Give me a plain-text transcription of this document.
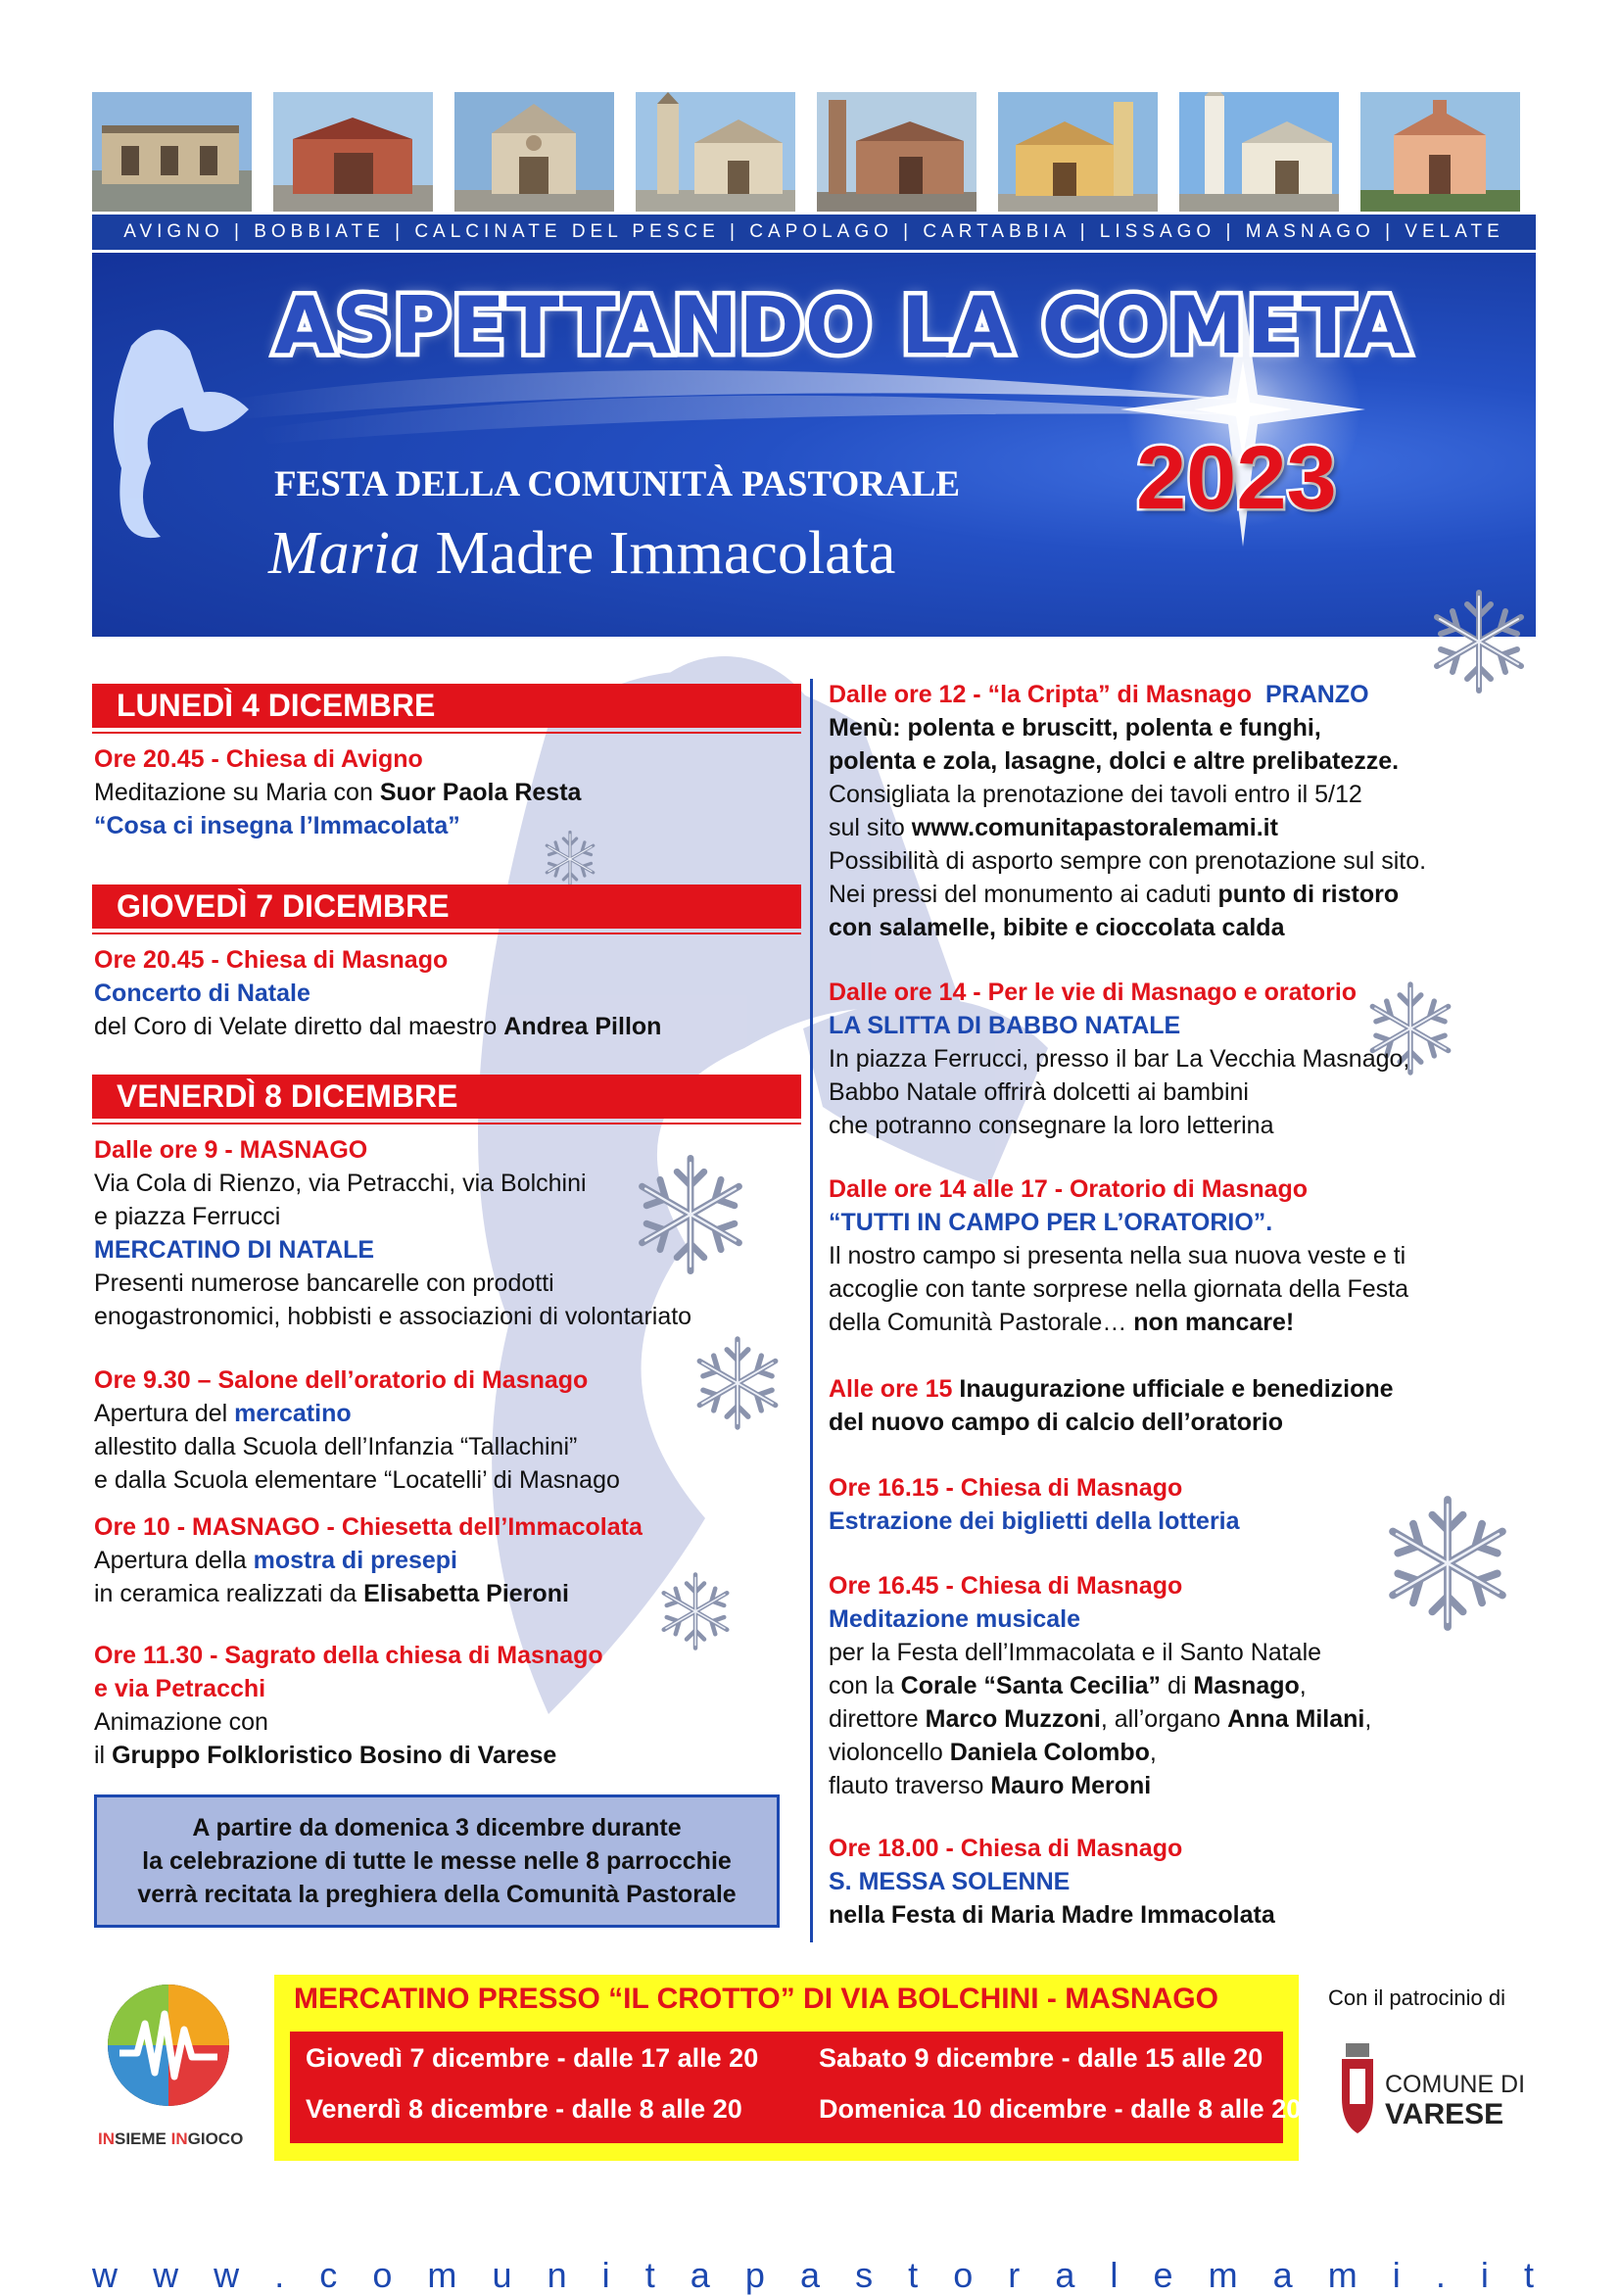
AVIGNO | BOBBIATE | CALCINATE DEL PESCE | CAPOLAGO | CARTABBIA | LISSAGO | MASNAGO | VELATE
ASPETTANDO LA COMETA
FESTA DELLA COMUNITÀ PASTORALE
Maria Madre Immacolata
2023
LUNEDÌ 4 DICEMBRE
Ore 20.45 - Chiesa di Avigno
Meditazione su Maria con Suor Paola Resta
“Cosa ci insegna l’Immacolata”
GIOVEDÌ 7 DICEMBRE
Ore 20.45 - Chiesa di Masnago
Concerto di Natale
del Coro di Velate diretto dal maestro Andrea Pillon
VENERDÌ 8 DICEMBRE
Dalle ore 9 - MASNAGO
Via Cola di Rienzo, via Petracchi, via Bolchini
e piazza Ferrucci
MERCATINO DI NATALE
Presenti numerose bancarelle con prodotti
enogastronomici, hobbisti e associazioni di volontariato
Ore 9.30 – Salone dell’oratorio di Masnago
Apertura del mercatino
allestito dalla Scuola dell’Infanzia “Tallachini”
e dalla Scuola elementare “Locatelli’ di Masnago
Ore 10 - MASNAGO - Chiesetta dell’Immacolata
Apertura della mostra di presepi
in ceramica realizzati da Elisabetta Pieroni
Ore 11.30 - Sagrato della chiesa di Masnago
e via Petracchi
Animazione con
il Gruppo Folkloristico Bosino di Varese
A partire da domenica 3 dicembre durante
la celebrazione di tutte le messe nelle 8 parrocchie
verrà recitata la preghiera della Comunità Pastorale
Dalle ore 12 - “la Cripta” di Masnago PRANZO
Menù: polenta e bruscitt, polenta e funghi,
polenta e zola, lasagne, dolci e altre prelibatezze.
Consigliata la prenotazione dei tavoli entro il 5/12
sul sito www.comunitapastoralemami.it
Possibilità di asporto sempre con prenotazione sul sito.
Nei pressi del monumento ai caduti punto di ristoro
con salamelle, bibite e cioccolata calda
Dalle ore 14 - Per le vie di Masnago e oratorio
LA SLITTA DI BABBO NATALE
In piazza Ferrucci, presso il bar La Vecchia Masnago,
Babbo Natale offrirà dolcetti ai bambini
che potranno consegnare la loro letterina
Dalle ore 14 alle 17 - Oratorio di Masnago
“TUTTI IN CAMPO PER L’ORATORIO”.
Il nostro campo si presenta nella sua nuova veste e ti
accoglie con tante sorprese nella giornata della Festa
della Comunità Pastorale… non mancare!
Alle ore 15 Inaugurazione ufficiale e benedizione
del nuovo campo di calcio dell’oratorio
Ore 16.15 - Chiesa di Masnago
Estrazione dei biglietti della lotteria
Ore 16.45 - Chiesa di Masnago
Meditazione musicale
per la Festa dell’Immacolata e il Santo Natale
con la Corale “Santa Cecilia” di Masnago,
direttore Marco Muzzoni, all’organo Anna Milani,
violoncello Daniela Colombo,
flauto traverso Mauro Meroni
Ore 18.00 - Chiesa di Masnago
S. MESSA SOLENNE
nella Festa di Maria Madre Immacolata
INSIEME INGIOCO
MERCATINO PRESSO “IL CROTTO” DI VIA BOLCHINI - MASNAGO
Giovedì 7 dicembre - dalle 17 alle 20 Sabato 9 dicembre - dalle 15 alle 20
Venerdì 8 dicembre - dalle 8 alle 20	Domenica 10 dicembre - dalle 8 alle 20
Con il patrocinio di
COMUNE DI
VARESE
w w w . c o m u n i t a p a s t o r a l e m a m i . i t
